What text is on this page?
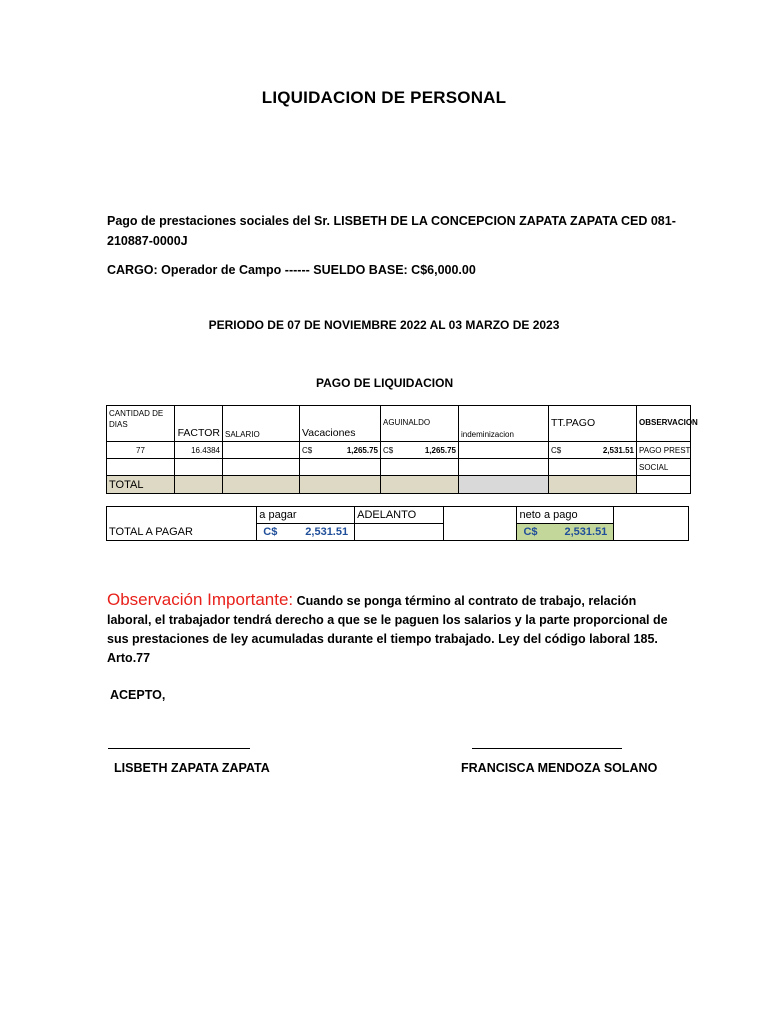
LIQUIDACION DE PERSONAL
Pago de prestaciones sociales del Sr. LISBETH DE LA CONCEPCION ZAPATA ZAPATA CED 081-210887-0000J
CARGO: Operador de Campo ------ SUELDO BASE: C$6,000.00
PERIODO DE 07 DE NOVIEMBRE 2022 AL 03 MARZO DE 2023
PAGO DE LIQUIDACION
CANTIDAD DE DIAS	FACTOR	SALARIO	Vacaciones	AGUINALDO	indeminizacion	TT.PAGO	OBSERVACION
77	16.4384		C$ 1,265.75	C$ 1,265.75		C$ 2,531.51	PAGO PREST.
							SOCIAL
TOTAL							
	a pagar	ADELANTO		neto a pago	
TOTAL A PAGAR	C$ 2,531.51			C$ 2,531.51	
Observación Importante: Cuando se ponga término al contrato de trabajo, relación laboral, el trabajador tendrá derecho a que se le paguen los salarios y la parte proporcional de sus prestaciones de ley acumuladas durante el tiempo trabajado. Ley del código laboral 185. Arto.77
ACEPTO,
LISBETH ZAPATA ZAPATA	FRANCISCA MENDOZA SOLANO
